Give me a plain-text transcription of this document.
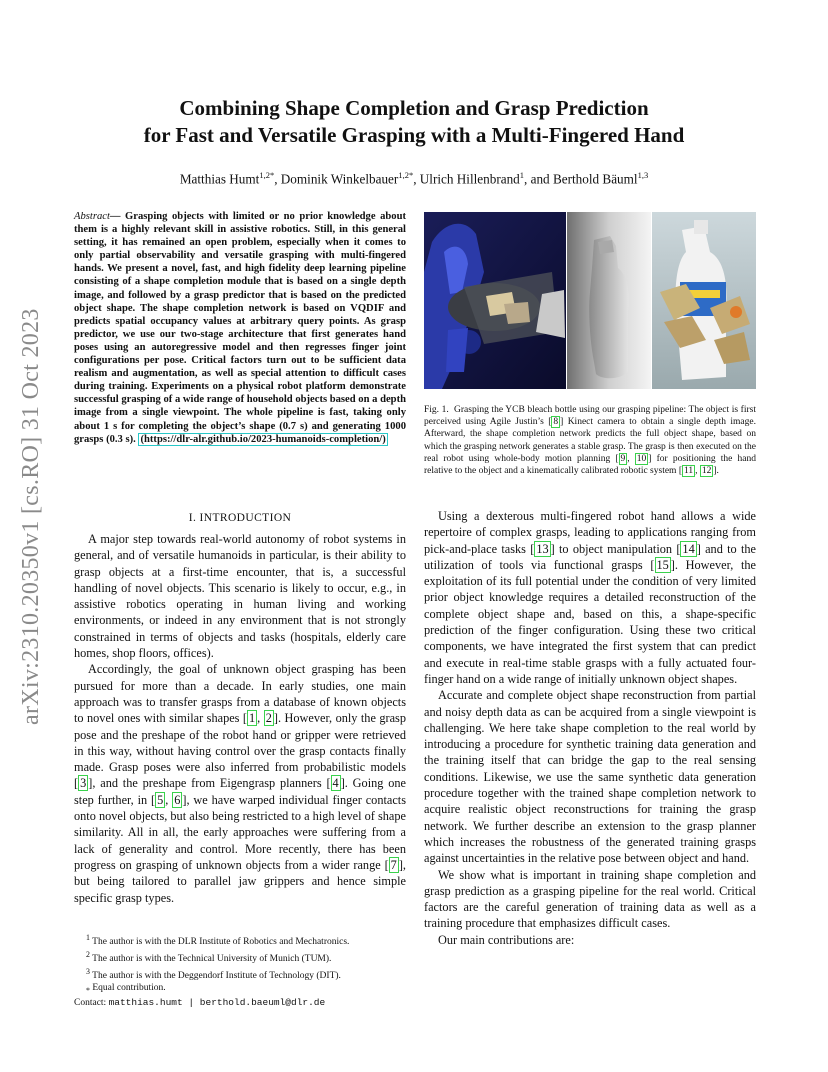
arXiv:2310.20350v1 [cs.RO] 31 Oct 2023
Combining Shape Completion and Grasp Prediction
for Fast and Versatile Grasping with a Multi-Fingered Hand
Matthias Humt$^{1,2*}$, Dominik Winkelbauer$^{1,2*}$, Ulrich Hillenbrand$^1$, and Berthold Bäuml$^{1,3}$
Abstract— Grasping objects with limited or no prior knowledge about them is a highly relevant skill in assistive robotics. Still, in this general setting, it has remained an open problem, especially when it comes to only partial observability and versatile grasping with multi-fingered hands. We present a novel, fast, and high fidelity deep learning pipeline consisting of a shape completion module that is based on a single depth image, and followed by a grasp predictor that is based on the predicted object shape. The shape completion network is based on VQDIF and predicts spatial occupancy values at arbitrary query points. As grasp predictor, we use our two-stage architecture that first generates hand poses using an autoregressive model and then regresses finger joint configurations per pose. Critical factors turn out to be sufficient data realism and augmentation, as well as special attention to difficult cases during training. Experiments on a physical robot platform demonstrate successful grasping of a wide range of household objects based on a depth image from a single viewpoint. The whole pipeline is fast, taking only about 1 s for completing the object’s shape (0.7 s) and generating 1000 grasps (0.3 s). (https://dlr-alr.github.io/2023-humanoids-completion/)
I. INTRODUCTION

A major step towards real-world autonomy of robot systems in general, and of versatile humanoids in particular, is their ability to grasp objects at a first-time encounter, that is, a successful handling of novel objects. This scenario is likely to occur, e.g., in assistive robotics operating in human living and working environments, or indeed in any environment that is not strongly constrained in terms of objects and tasks (hospitals, elderly care homes, shop floors, offices).

Accordingly, the goal of unknown object grasping has been pursued for more than a decade. In early studies, one main approach was to transfer grasps from a database of known objects to novel ones with similar shapes [ 1 , 2 ]. However, only the grasp pose and the preshape of the robot hand or gripper were retrieved in this way, without having control over the grasp contacts finally made. Grasp poses were also inferred from probabilistic models [ 3 ], and the preshape from Eigengrasp planners [ 4 ]. Going one step further, in [ 5 , 6 ], we have warped individual finger contacts onto novel objects, but also being restricted to a high level of shape similarity. All in all, the early approaches were suffering from a lack of generality and control. More recently, there has been progress on grasping of unknown objects from a wider range [ 7 ], but being tailored to parallel jaw grippers and hence simple specific grasp types.

$^1$ The author is with the DLR Institute of Robotics and Mechatronics.
$^2$ The author is with the Technical University of Munich (TUM).
$^3$ The author is with the Deggendorf Institute of Technology (DIT).
$_*$ Equal contribution.
Contact: matthias.humt | berthold.baeuml@dlr.de
Fig. 1. Grasping the YCB bleach bottle using our grasping pipeline: The object is first perceived using Agile Justin’s [ 8 ] Kinect camera to obtain a single depth image. Afterward, the shape completion network predicts the full object shape, based on which the grasping network generates a stable grasp. The grasp is then executed on the real robot using whole-body motion planning [ 9 , 10 ] for positioning the hand relative to the object and a kinematically calibrated robotic system [ 11 , 12 ].

Using a dexterous multi-fingered robot hand allows a wide repertoire of complex grasps, leading to applications ranging from pick-and-place tasks [ 13 ] to object manipulation [ 14 ] and to the utilization of tools via functional grasps [ 15 ]. However, the exploitation of its full potential under the condition of very limited prior object knowledge requires a detailed reconstruction of the complete object shape and, based on this, a shape-specific prediction of the finger configuration. Using these two critical components, we have integrated the first system that can predict and execute in real-time stable grasps with a fully actuated four-finger hand on a wide range of initially unknown object shapes.

Accurate and complete object shape reconstruction from partial and noisy depth data as can be acquired from a single viewpoint is challenging. We here take shape completion to the real world by introducing a procedure for synthetic training data generation and the training itself that can bridge the gap to the real sensing conditions. Likewise, we use the same synthetic data generation procedure together with the trained shape completion network to acquire realistic object reconstructions for training the grasp network. We further describe an extension to the grasp planner which increases the robustness of the generated training grasps against uncertainties in the relative pose between object and hand.

We show what is important in training shape completion and grasp prediction as a grasping pipeline for the real world. Critical factors are the careful generation of training data as well as a training procedure that emphasizes difficult cases.

Our main contributions are:
